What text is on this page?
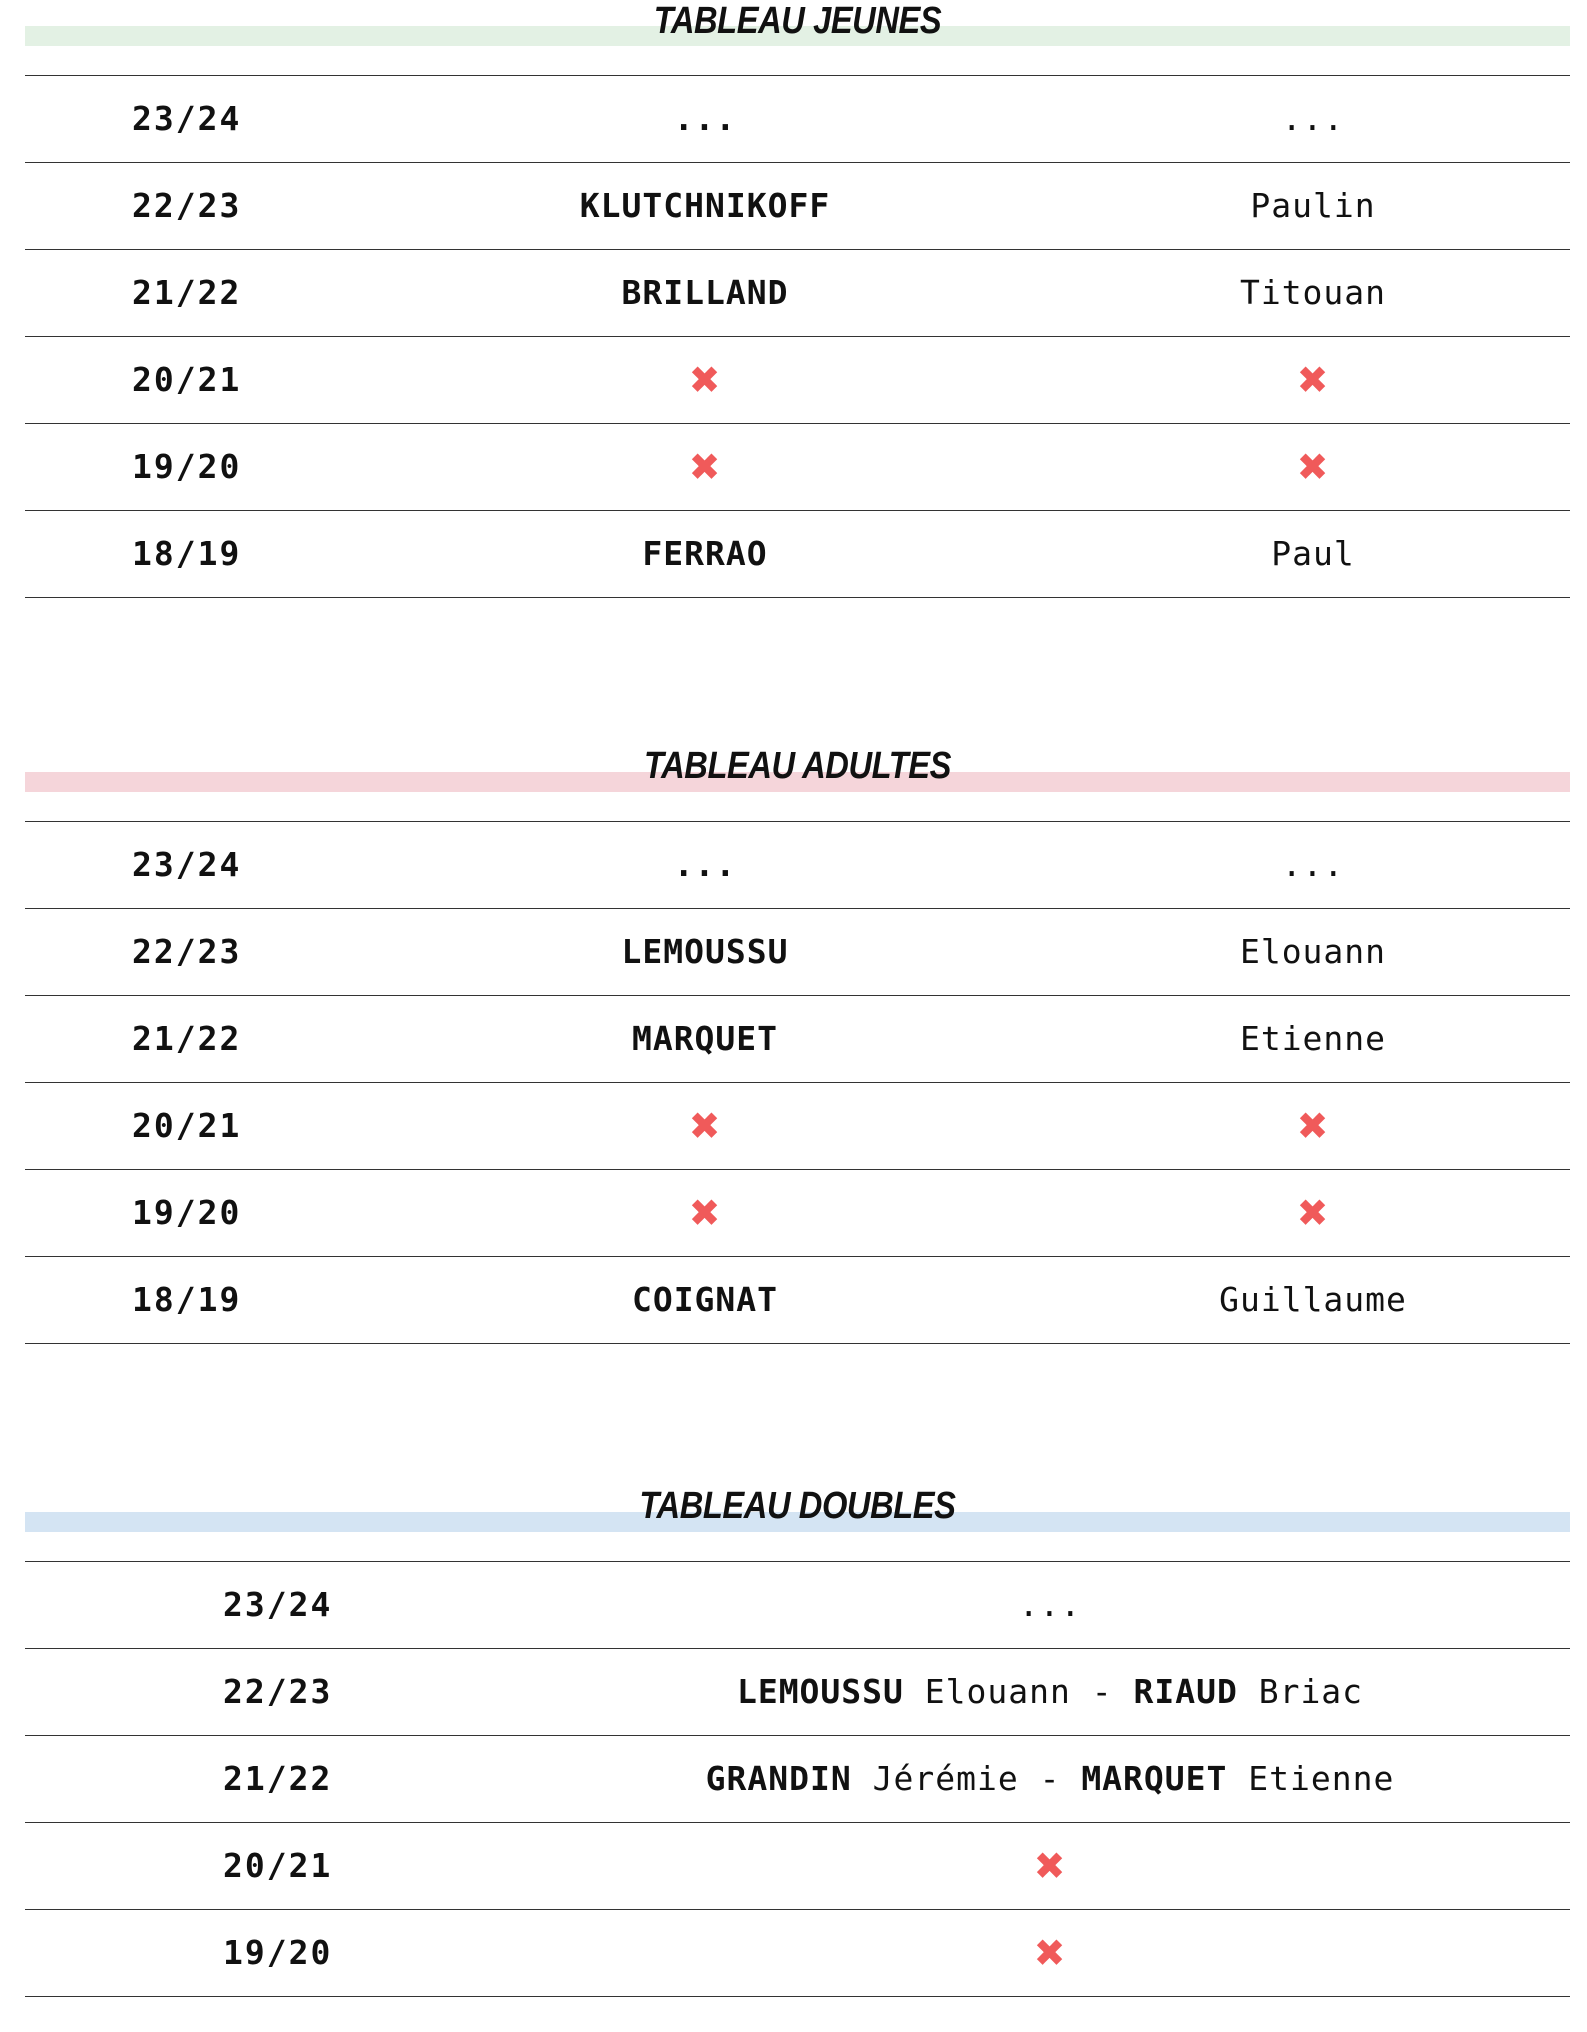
TABLEAU JEUNES
23/24	...	...
22/23	KLUTCHNIKOFF	Paulin
21/22	BRILLAND	Titouan
20/21	✖	✖
19/20	✖	✖
18/19	FERRAO	Paul
TABLEAU ADULTES
23/24	...	...
22/23	LEMOUSSU	Elouann
21/22	MARQUET	Etienne
20/21	✖	✖
19/20	✖	✖
18/19	COIGNAT	Guillaume
TABLEAU DOUBLES
23/24	...
22/23	LEMOUSSU Elouann - RIAUD Briac
21/22	GRANDIN Jérémie - MARQUET Etienne
20/21	✖
19/20	✖
